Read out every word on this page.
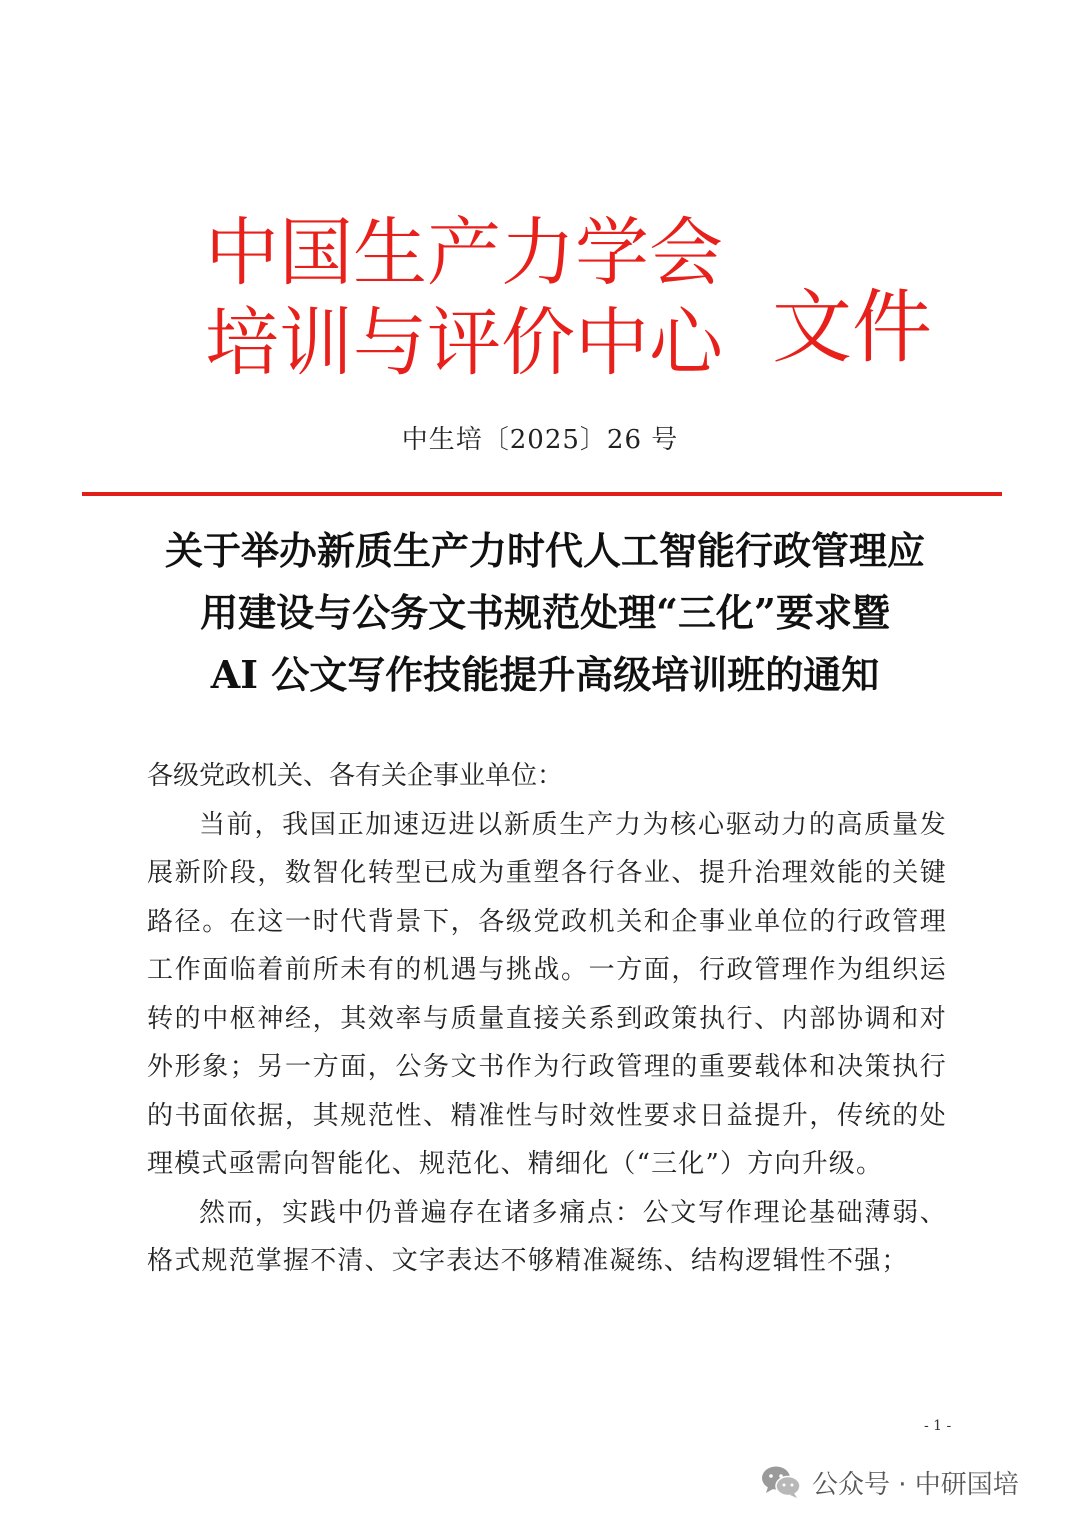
中国生产力学会
培训与评价中心 文件
中生培〔2025〕26 号
关于举办新质生产力时代人工智能行政管理应
用建设与公务文书规范处理“三化”要求暨
AI 公文写作技能提升高级培训班的通知

各级党政机关、各有关企事业单位：

当前，我国正加速迈进以新质生产力为核心驱动力的高质量发展新阶段，数智化转型已成为重塑各行各业、提升治理效能的关键路径。在这一时代背景下，各级党政机关和企事业单位的行政管理工作面临着前所未有的机遇与挑战。一方面，行政管理作为组织运转的中枢神经，其效率与质量直接关系到政策执行、内部协调和对外形象；另一方面，公务文书作为行政管理的重要载体和决策执行的书面依据，其规范性、精准性与时效性要求日益提升，传统的处理模式亟需向智能化、规范化、精细化（“三化”）方向升级。

然而，实践中仍普遍存在诸多痛点：公文写作理论基础薄弱、格式规范掌握不清、文字表达不够精准凝练、结构逻辑性不强；

- 1 -
公众号 · 中研国培
